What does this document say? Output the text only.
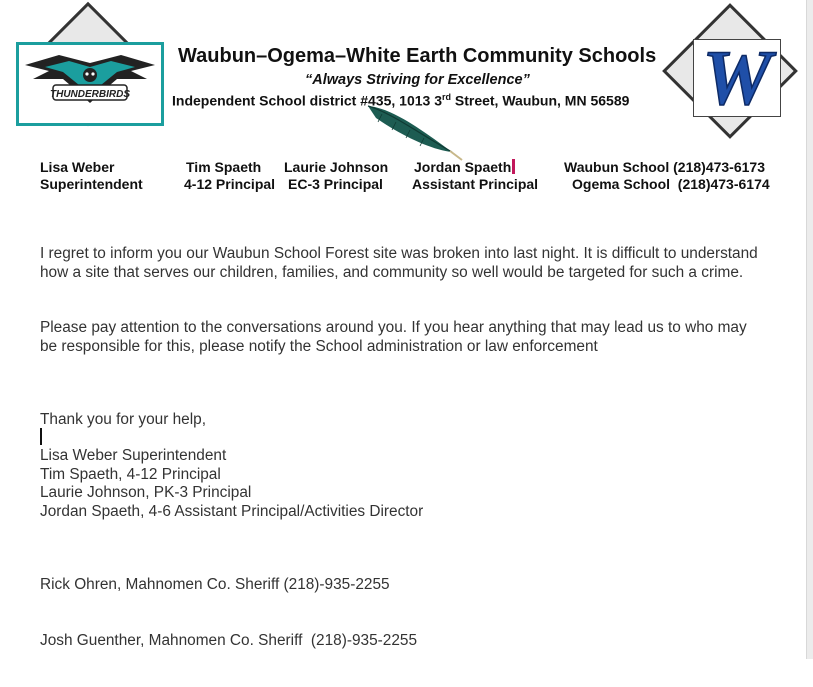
THUNDERBIRDS	W
Waubun–Ogema–White Earth Community Schools
“Always Striving for Excellence”
Independent School district #435, 1013 3rd Street, Waubun, MN 56589
Lisa Weber
Superintendent
Tim Spaeth
4-12 Principal
Laurie Johnson
EC-3 Principal
Jordan Spaeth
Assistant Principal
Waubun School (218)473-6173
Ogema School  (218)473-6174
I regret to inform you our Waubun School Forest site was broken into last night. It is difficult to understand
how a site that serves our children, families, and community so well would be targeted for such a crime.
Please pay attention to the conversations around you. If you hear anything that may lead us to who may
be responsible for this, please notify the School administration or law enforcement
Thank you for your help,
Lisa Weber Superintendent
Tim Spaeth, 4-12 Principal
Laurie Johnson, PK-3 Principal
Jordan Spaeth, 4-6 Assistant Principal/Activities Director

Rick Ohren, Mahnomen Co. Sheriff (218)-935-2255

Josh Guenther, Mahnomen Co. Sheriff  (218)-935-2255
